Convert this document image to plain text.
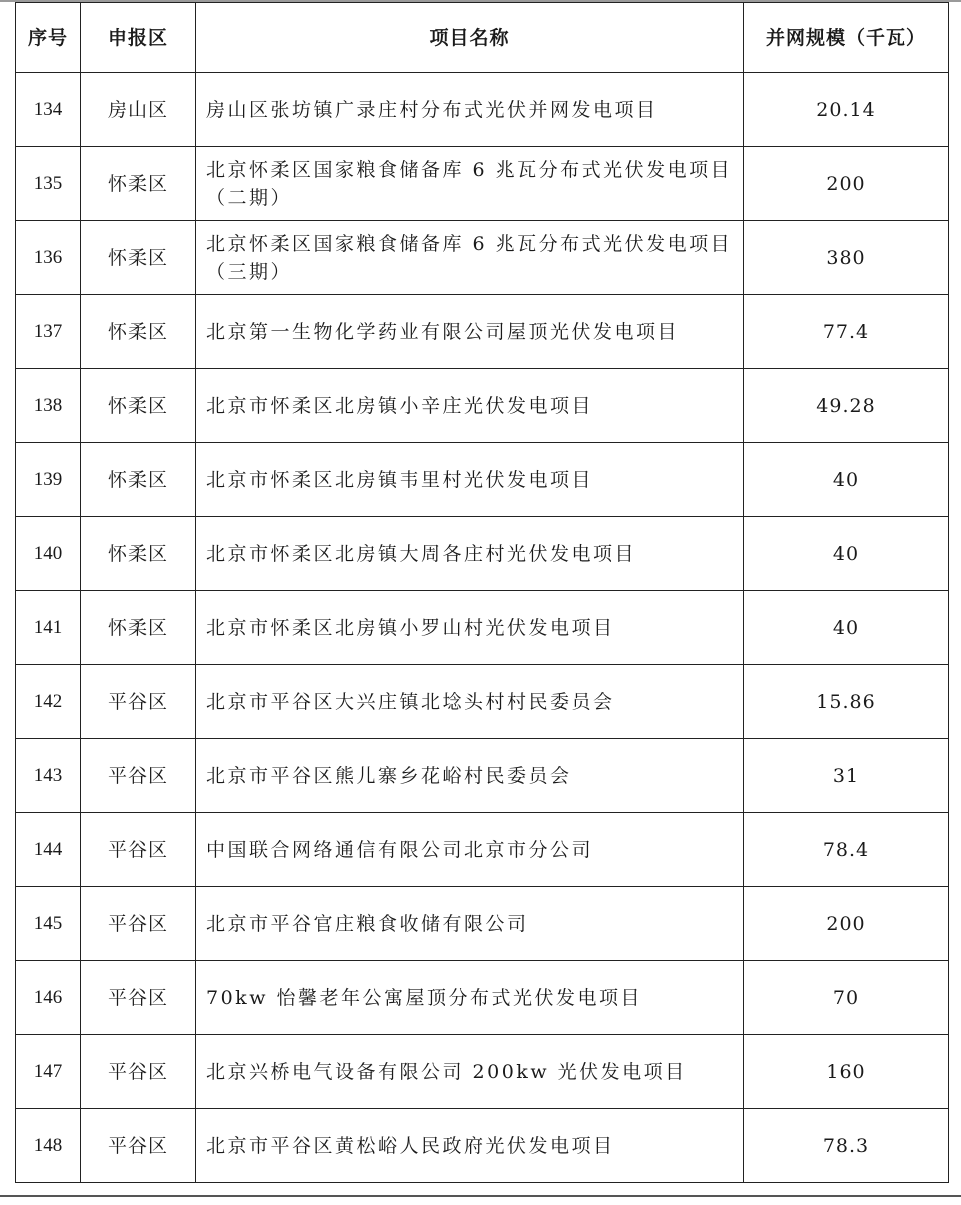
序号	申报区	项目名称	并网规模（千瓦）
134	房山区	房山区张坊镇广录庄村分布式光伏并网发电项目	20.14
135	怀柔区	北京怀柔区国家粮食储备库 6 兆瓦分布式光伏发电项目（二期）	200
136	怀柔区	北京怀柔区国家粮食储备库 6 兆瓦分布式光伏发电项目（三期）	380
137	怀柔区	北京第一生物化学药业有限公司屋顶光伏发电项目	77.4
138	怀柔区	北京市怀柔区北房镇小辛庄光伏发电项目	49.28
139	怀柔区	北京市怀柔区北房镇韦里村光伏发电项目	40
140	怀柔区	北京市怀柔区北房镇大周各庄村光伏发电项目	40
141	怀柔区	北京市怀柔区北房镇小罗山村光伏发电项目	40
142	平谷区	北京市平谷区大兴庄镇北埝头村村民委员会	15.86
143	平谷区	北京市平谷区熊儿寨乡花峪村民委员会	31
144	平谷区	中国联合网络通信有限公司北京市分公司	78.4
145	平谷区	北京市平谷官庄粮食收储有限公司	200
146	平谷区	70kw 怡馨老年公寓屋顶分布式光伏发电项目	70
147	平谷区	北京兴桥电气设备有限公司 200kw 光伏发电项目	160
148	平谷区	北京市平谷区黄松峪人民政府光伏发电项目	78.3
